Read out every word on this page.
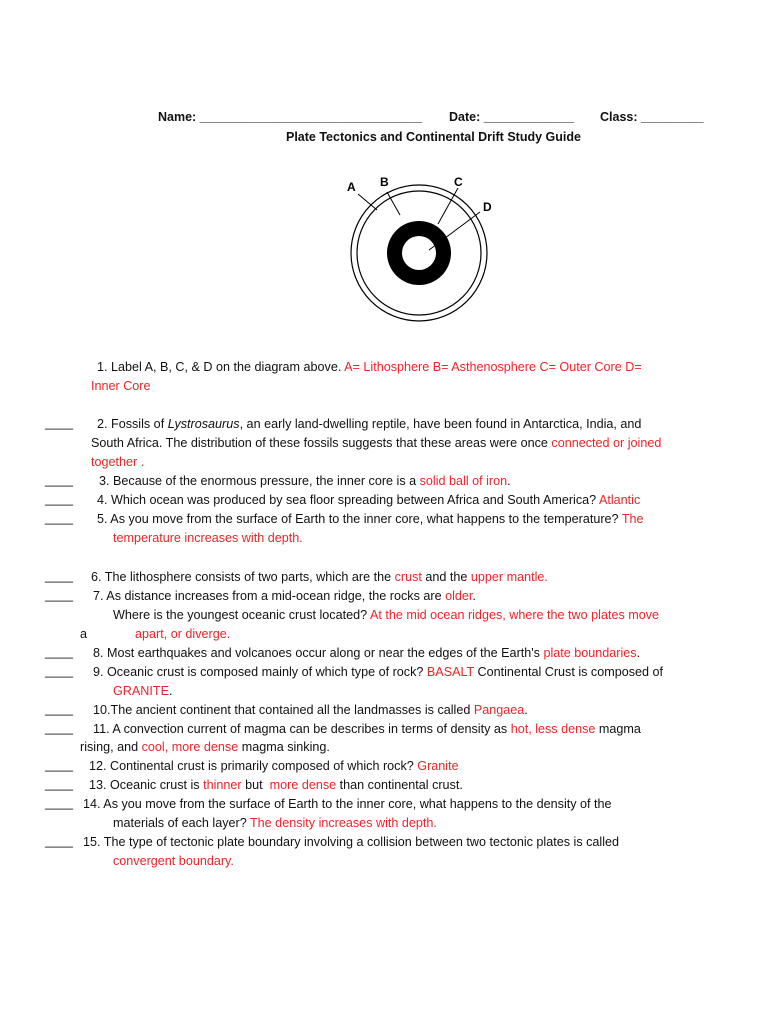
Name: ________________________________ Date: _____________ Class: _________
Plate Tectonics and Continental Drift Study Guide
A B	C
D
1. Label A, B, C, & D on the diagram above. A= Lithosphere B= Asthenosphere C= Outer Core D=
Inner Core
____ 2. Fossils of Lystrosaurus, an early land-dwelling reptile, have been found in Antarctica, India, and
South Africa. The distribution of these fossils suggests that these areas were once connected or joined
together .
____ 3. Because of the enormous pressure, the inner core is a solid ball of iron.
____ 4. Which ocean was produced by sea floor spreading between Africa and South America? Atlantic
____ 5. As you move from the surface of Earth to the inner core, what happens to the temperature? The
temperature increases with depth.
____ 6. The lithosphere consists of two parts, which are the crust and the upper mantle.
____ 7. As distance increases from a mid-ocean ridge, the rocks are older.
Where is the youngest oceanic crust located? At the mid ocean ridges, where the two plates move
a	apart, or diverge.
____ 8. Most earthquakes and volcanoes occur along or near the edges of the Earth's plate boundaries.
____ 9. Oceanic crust is composed mainly of which type of rock? BASALT Continental Crust is composed of
GRANITE.
____ 10.The ancient continent that contained all the landmasses is called Pangaea.
____ 11. A convection current of magma can be describes in terms of density as hot, less dense magma
rising, and cool, more dense magma sinking.
____ 12. Continental crust is primarily composed of which rock? Granite
____ 13. Oceanic crust is thinner but more dense than continental crust.
____ 14. As you move from the surface of Earth to the inner core, what happens to the density of the
materials of each layer? The density increases with depth.
____ 15. The type of tectonic plate boundary involving a collision between two tectonic plates is called
convergent boundary.
